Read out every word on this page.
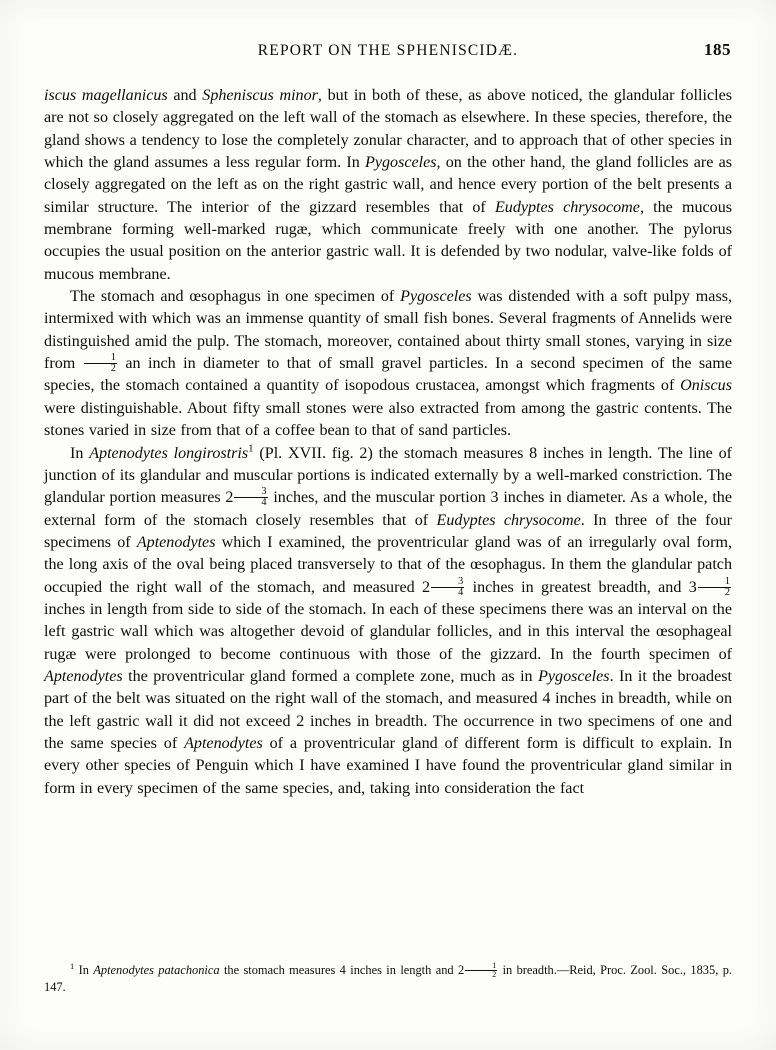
REPORT ON THE SPHENISCIDÆ.	185

iscus magellanicus and Spheniscus minor, but in both of these, as above noticed, the glandular follicles are not so closely aggregated on the left wall of the stomach as elsewhere. In these species, therefore, the gland shows a tendency to lose the completely zonular character, and to approach that of other species in which the gland assumes a less regular form. In Pygosceles, on the other hand, the gland follicles are as closely aggregated on the left as on the right gastric wall, and hence every portion of the belt presents a similar structure. The interior of the gizzard resembles that of Eudyptes chrysocome, the mucous membrane forming well-marked rugæ, which communicate freely with one another. The pylorus occupies the usual position on the anterior gastric wall. It is defended by two nodular, valve-like folds of mucous membrane.

The stomach and œsophagus in one specimen of Pygosceles was distended with a soft pulpy mass, intermixed with which was an immense quantity of small fish bones. Several fragments of Annelids were distinguished amid the pulp. The stomach, moreover, contained about thirty small stones, varying in size from $\frac{1}{2}$ an inch in diameter to that of small gravel particles. In a second specimen of the same species, the stomach contained a quantity of isopodous crustacea, amongst which fragments of Oniscus were distinguishable. About fifty small stones were also extracted from among the gastric contents. The stones varied in size from that of a coffee bean to that of sand particles.

In Aptenodytes longirostris$^1$ (Pl. XVII. fig. 2) the stomach measures 8 inches in length. The line of junction of its glandular and muscular portions is indicated externally by a well-marked constriction. The glandular portion measures $2 \frac{3}{4}$ inches, and the muscular portion 3 inches in diameter. As a whole, the external form of the stomach closely resembles that of Eudyptes chrysocome. In three of the four specimens of Aptenodytes which I examined, the proventricular gland was of an irregularly oval form, the long axis of the oval being placed transversely to that of the œsophagus. In them the glandular patch occupied the right wall of the stomach, and measured $2 \frac{3}{4}$ inches in greatest breadth, and $3 \frac{1}{2}$
inches in length from side to side of the stomach. In each of these specimens there was an interval on the left gastric wall which was altogether devoid of glandular follicles, and in this interval the œsophageal rugæ were prolonged to become continuous with those of the gizzard. In the fourth specimen of Aptenodytes the proventricular gland formed a complete zone, much as in Pygosceles. In it the broadest part of the belt was situated on the right wall of the stomach, and measured 4 inches in breadth, while on the left gastric wall it did not exceed 2 inches in breadth. The occurrence in two specimens of one and the same species of Aptenodytes of a proventricular gland of different form is difficult to explain. In every other species of Penguin which I have examined I have found the proventricular gland similar in form in every specimen of the same species, and, taking into consideration the fact

$^1$ In Aptenodytes patachonica the stomach measures 4 inches in length and $2 \frac{1}{2}$ in breadth.—Reid, Proc. Zool. Soc., 1835, p. 147.
